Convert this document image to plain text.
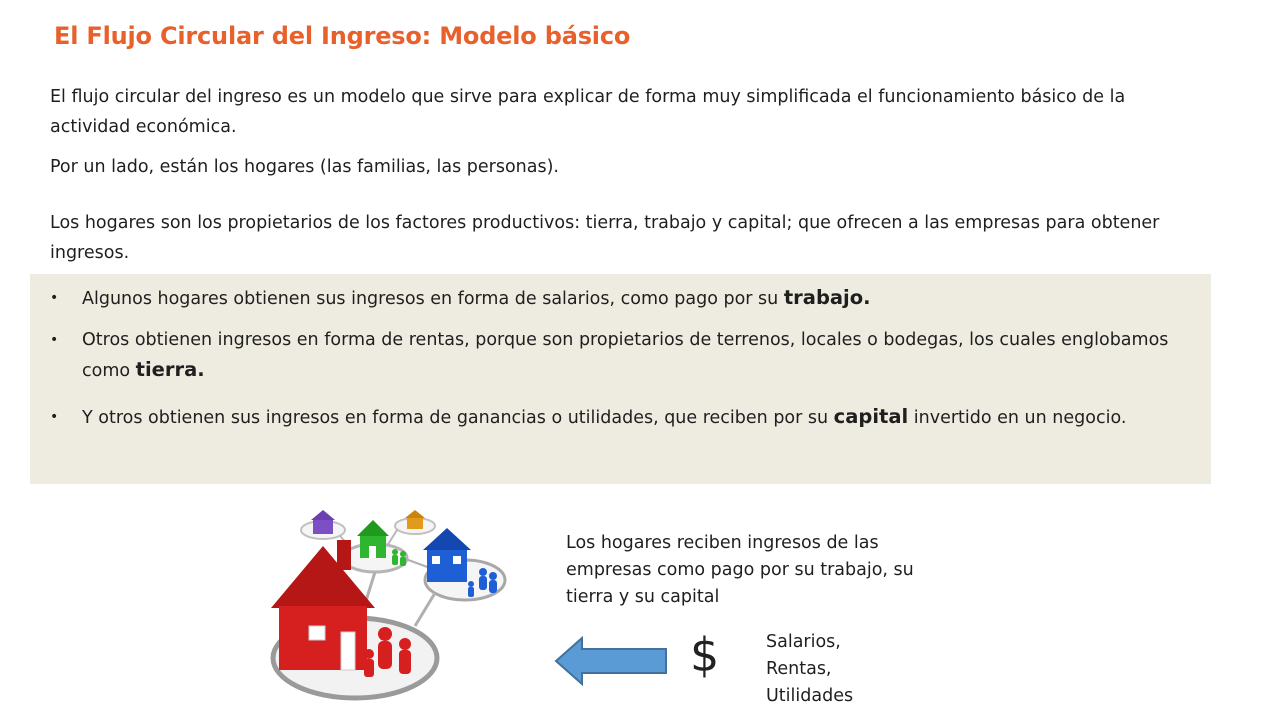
El Flujo Circular del Ingreso: Modelo básico

El flujo circular del ingreso es un modelo que sirve para explicar de forma muy simplificada el funcionamiento básico de la actividad económica.

Por un lado, están los hogares (las familias, las personas).

Los hogares son los propietarios de los factores productivos: tierra, trabajo y capital; que ofrecen a las empresas para obtener ingresos.

• Algunos hogares obtienen sus ingresos en forma de salarios, como pago por su trabajo.
• Otros obtienen ingresos en forma de rentas, porque son propietarios de terrenos, locales o bodegas, los cuales englobamos como tierra.
• Y otros obtienen sus ingresos en forma de ganancias o utilidades, que reciben por su capital invertido en un negocio.
Los hogares reciben ingresos de las empresas como pago por su trabajo, su tierra y su capital
$	Salarios,
Rentas,
Utilidades
